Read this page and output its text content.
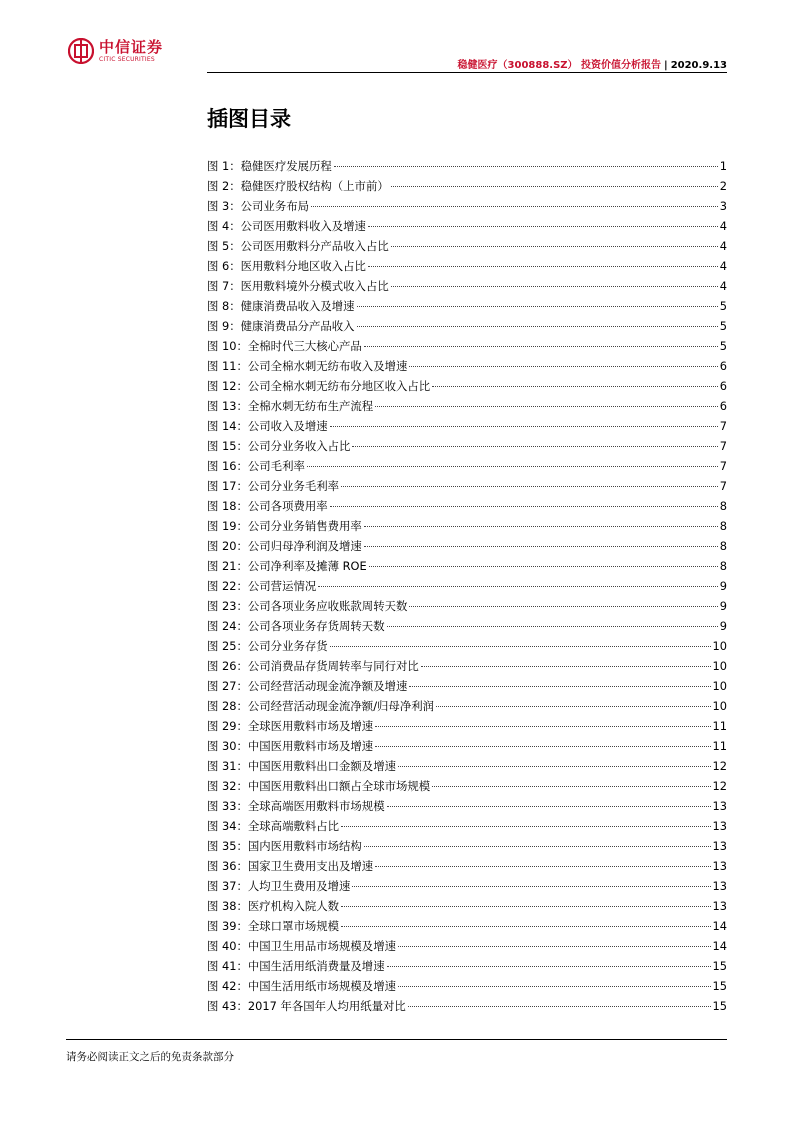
中信证券
CITIC SECURITIES
稳健医疗（300888.SZ） 投资价值分析报告 | 2020.9.13
插图目录
图 1：稳健医疗发展历程	1
图 2：稳健医疗股权结构（上市前）	2
图 3：公司业务布局	3
图 4：公司医用敷料收入及增速	4
图 5：公司医用敷料分产品收入占比	4
图 6：医用敷料分地区收入占比	4
图 7：医用敷料境外分模式收入占比	4
图 8：健康消费品收入及增速	5
图 9：健康消费品分产品收入	5
图 10：全棉时代三大核心产品	5
图 11：公司全棉水刺无纺布收入及增速	6
图 12：公司全棉水刺无纺布分地区收入占比	6
图 13：全棉水刺无纺布生产流程	6
图 14：公司收入及增速	7
图 15：公司分业务收入占比	7
图 16：公司毛利率	7
图 17：公司分业务毛利率	7
图 18：公司各项费用率	8
图 19：公司分业务销售费用率	8
图 20：公司归母净利润及增速	8
图 21：公司净利率及摊薄 ROE	8
图 22：公司营运情况	9
图 23：公司各项业务应收账款周转天数	9
图 24：公司各项业务存货周转天数	9
图 25：公司分业务存货	10
图 26：公司消费品存货周转率与同行对比	10
图 27：公司经营活动现金流净额及增速	10
图 28：公司经营活动现金流净额/归母净利润	10
图 29：全球医用敷料市场及增速	11
图 30：中国医用敷料市场及增速	11
图 31：中国医用敷料出口金额及增速	12
图 32：中国医用敷料出口额占全球市场规模	12
图 33：全球高端医用敷料市场规模	13
图 34：全球高端敷料占比	13
图 35：国内医用敷料市场结构	13
图 36：国家卫生费用支出及增速	13
图 37：人均卫生费用及增速	13
图 38：医疗机构入院人数	13
图 39：全球口罩市场规模	14
图 40：中国卫生用品市场规模及增速	14
图 41：中国生活用纸消费量及增速	15
图 42：中国生活用纸市场规模及增速	15
图 43：2017 年各国年人均用纸量对比	15
请务必阅读正文之后的免责条款部分
